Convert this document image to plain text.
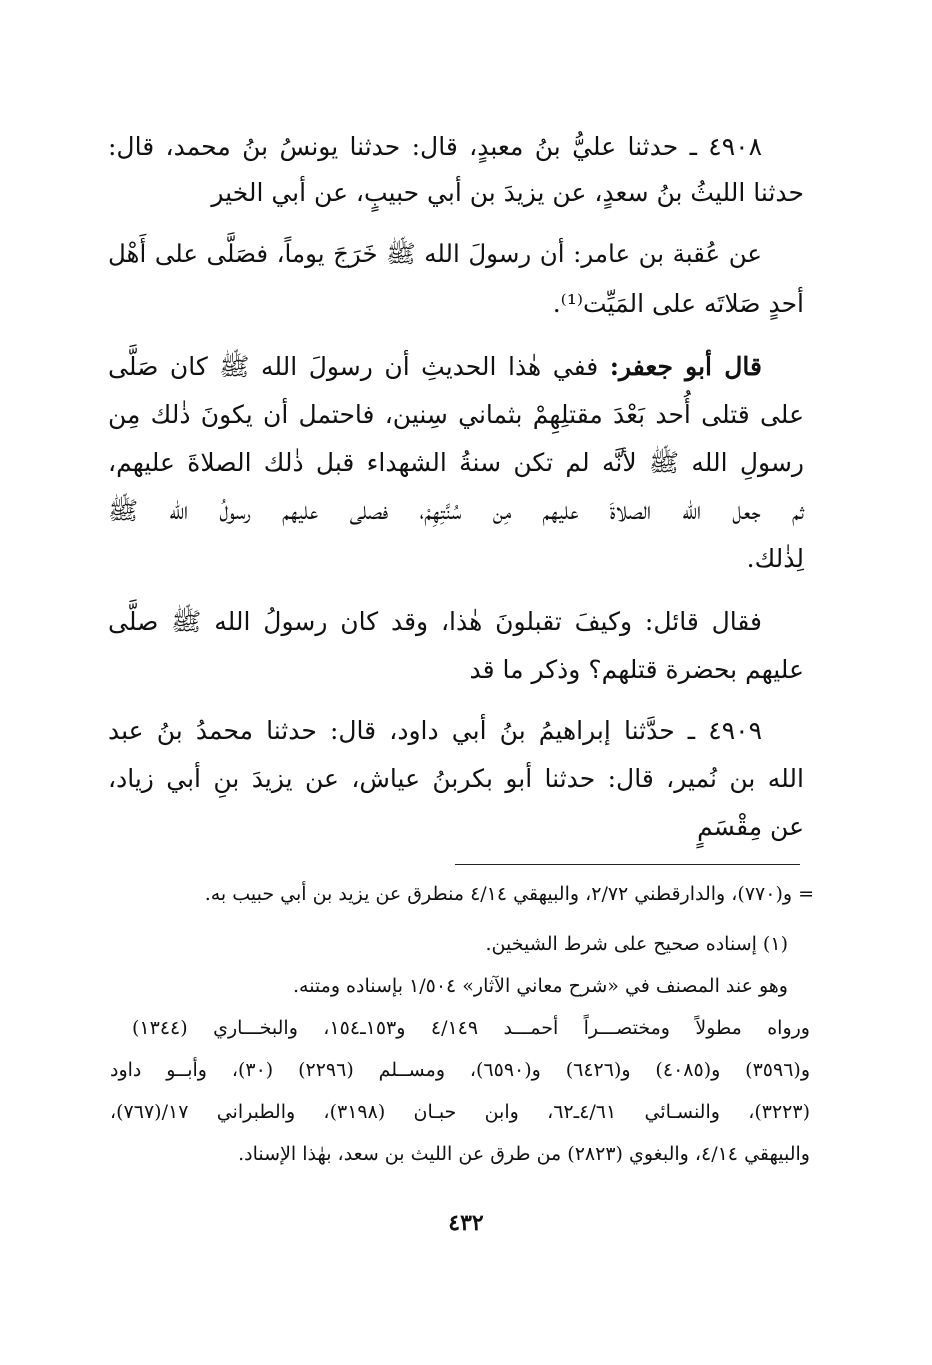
٤٩٠٨ ـ حدثنا عليُّ بنُ معبدٍ، قال: حدثنا يونسُ بنُ محمد، قال:
حدثنا الليثُ بنُ سعدٍ، عن يزيدَ بن أبي حبيبٍ، عن أبي الخير
عن عُقبة بن عامر: أن رسولَ الله ﷺ خَرَجَ يوماً، فصَلَّى على أَهْل
أحدٍ صَلاتَه على المَيِّت⁽¹⁾.
قال أبو جعفر: ففي هٰذا الحديثِ أن رسولَ الله ﷺ كان صَلَّى
على قتلى أُحد بَعْدَ مقتلِهِمْ بثماني سِنين، فاحتمل أن يكونَ ذٰلك مِن
رسولِ الله ﷺ لأنَّه لم تكن سنةُ الشهداء قبل ذٰلك الصلاةَ عليهم،
ثم جعل الله الصلاةَ عليهم مِن سُنَّتِهِمْ، فصلى عليهم رسولُ الله ﷺ
لِذٰلك.
فقال قائل: وكيفَ تقبلونَ هٰذا، وقد كان رسولُ الله ﷺ صلَّى
عليهم بحضرة قتلهم؟ وذكر ما قد
٤٩٠٩ ـ حدَّثنا إبراهيمُ بنُ أبي داود، قال: حدثنا محمدُ بنُ عبد
الله بن نُمير، قال: حدثنا أبو بكربنُ عياش، عن يزيدَ بنِ أبي زياد،
عن مِقْسَمٍ
= و(٧٧٠)، والدارقطني ٢/٧٢، والبيهقي ٤/١٤ منطرق عن يزيد بن أبي حبيب به.
(١) إسناده صحيح على شرط الشيخين.
وهو عند المصنف في «شرح معاني الآثار» ١/٥٠٤ بإسناده ومتنه.
ورواه مطولاً ومختصـــراً أحمـــد ٤/١٤٩ و١٥٣ـ١٥٤، والبخـــاري (١٣٤٤)
و(٣٥٩٦) و(٤٠٨٥) و(٦٤٢٦) و(٦٥٩٠)، ومســلم (٢٢٩٦) (٣٠)، وأبــو داود
(٣٢٢٣)، والنسـائي ٤/٦١ـ٦٢، وابن حبـان (٣١٩٨)، والطبراني ١٧/(٧٦٧)،
والبيهقي ٤/١٤، والبغوي (٢٨٢٣) من طرق عن الليث بن سعد، بهٰذا الإسناد.
٤٣٢
